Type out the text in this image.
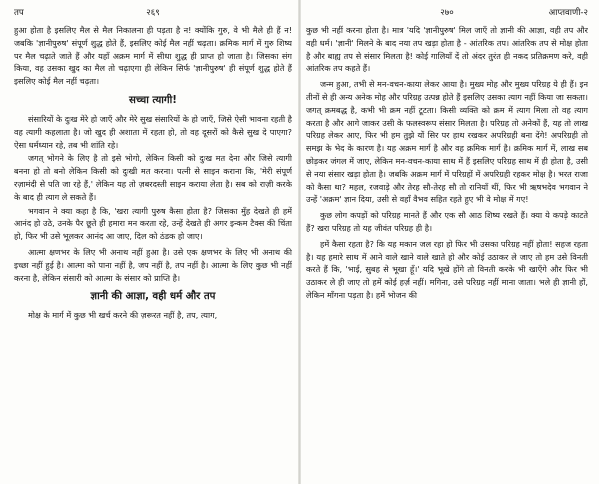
तप	२६९
हुआ होता है इसलिए मैल से मैल निकालना ही पड़ता है न! क्योंकि गुरु, वे भी मैले ही हैं न! जबकि 'ज्ञानीपुरुष' संपूर्ण शुद्ध होते हैं, इसलिए कोई मैल नहीं चढ़ता। क्रमिक मार्ग में गुरु शिष्य पर मैल चढ़ाते जाते हैं और यहाँ अक्रम मार्ग में सीधा शुद्ध ही प्राप्त हो जाता है। जिसका संग किया, वह उसका खुद का मैल तो चढ़ाएगा ही लेकिन सिर्फ 'ज्ञानीपुरुष' ही संपूर्ण शुद्ध होते हैं इसलिए कोई मैल नहीं चढ़ता।
सच्चा त्यागी!
संसारियों के दुःख मेरे हो जाएँ और मेरे सुख संसारियों के हो जाएँ, जिसे ऐसी भावना रहती है वह त्यागी कहलाता है। जो खुद ही अशाता में रहता हो, तो वह दूसरों को कैसे सुख दे पाएगा? ऐसा धर्मध्यान रहे, तब भी शांति रहे।
जगत् भोगने के लिए है तो इसे भोगो, लेकिन किसी को दुःख मत देना और जिसे त्यागी बनना हो तो बनो लेकिन किसी को दुःखी मत करना। पत्नी से साइन कराना कि, 'मेरी संपूर्ण रज़ामंदी से पति जा रहे हैं,' लेकिन यह तो ज़बरदस्ती साइन कराया लेता है। सब को राज़ी करके के बाद ही त्याग ले सकते हैं।
भगवान ने क्या कहा है कि, 'खरा त्यागी पुरुष कैसा होता है? जिसका मुँह देखते ही हमें आनंद हो उठे, उनके पैर छूते ही हमारा मन करता रहे, उन्हें देखते ही अगर इन्कम टैक्स की चिंता हो, फिर भी उसे भूलकर आनंद आ जाए, दिल को ठंडक हो जाए।
आत्मा क्षणभर के लिए भी अनाथ नहीं हुआ है। उसे एक क्षणभर के लिए भी अनाथ की इच्छा नहीं हुई है। आत्मा को पाना नहीं है, जप नहीं है, तप नहीं है। आत्मा के लिए कुछ भी नहीं करना है, लेकिन संसारी को आत्मा के संसार को प्राप्ति है।
ज्ञानी की आज्ञा, वही धर्म और तप
मोक्ष के मार्ग में कुछ भी खर्च करने की ज़रूरत नहीं है, तप, त्याग,
२७०	आप्तवाणी-२
कुछ भी नहीं करना होता है। मात्र 'यदि 'ज्ञानीपुरुष' मिल जाएँ तो ज्ञानी की आज्ञा, वही तप और वही धर्म। 'ज्ञानी' मिलने के बाद नया तप खड़ा होता है - आंतरिक तप। आंतरिक तप से मोक्ष होता है और बाह्य तप से संसार मिलता है! कोई गालियाँ दें तो अंदर तुरंत ही नकद प्रतिक्रमण करे, वही आंतरिक तप कहते हैं।
जन्म हुआ, तभी से मन-वचन-काया लेकर आया है। मुख्य मोह और मुख्य परिग्रह ये ही हैं। इन तीनों से ही अन्य अनेक मोह और परिग्रह उत्पन्न होते हैं इसलिए उसका त्याग नहीं किया जा सकता। जगत् क्रमबद्ध है, कभी भी क्रम नहीं टूटता। किसी व्यक्ति को क्रम में त्याग मिला तो वह त्याग करता है और आगे जाकर उसी के फलस्वरूप संसार मिलता है। परिग्रह तो अनेकों हैं, यह तो लाख परिग्रह लेकर आए, फिर भी हम तुझे यों सिर पर हाथ रखकर अपरिग्रही बना देंगे! अपरिग्रही तो समझ के भेद के कारण है। यह अक्रम मार्ग है और वह क्रमिक मार्ग है। क्रमिक मार्ग में, लाख सब छोड़कर जंगल में जाए, लेकिन मन-वचन-काया साथ में हैं इसलिए परिग्रह साथ में ही होता है, उसी से नया संसार खड़ा होता है। जबकि अक्रम मार्ग में परिग्रहों में अपरिग्रही रहकर मोक्ष है। भरत राजा को कैसा था? महल, रजवाड़े और तेरह सौ-तेरह सौ तो रानियाँ थीं, फिर भी ऋषभदेव भगवान ने उन्हें 'अक्रम' ज्ञान दिया, उसी से वहाँ वैभव सहित रहते हुए भी वे मोक्ष में गए!
कुछ लोग कपड़ों को परिग्रह मानते हैं और एक सौ आठ शिष्य रखते हैं। क्या ये कपड़े काटते हैं? खरा परिग्रह तो यह जीवंत परिग्रह ही है।
हमें कैसा रहता है? कि यह मकान जल रहा हो फिर भी उसका परिग्रह नहीं होता! सहज रहता है। यह हमारे साथ में आने वाले खाने वाले खाते हो और कोई उठाकर ले जाए तो हम उसे विनती करते हैं कि, 'भाई, सुबह से भूखा हूँ।' यदि भूखे होंगे तो विनती करके भी खाएँगे और फिर भी उठाकर ले ही जाए तो हमें कोई हर्ज़ नहीं। मगिना, उसे परिग्रह नहीं माना जाता। भले ही ज्ञानी हों, लेकिन माँगना पड़ता है। हमें भोजन की
